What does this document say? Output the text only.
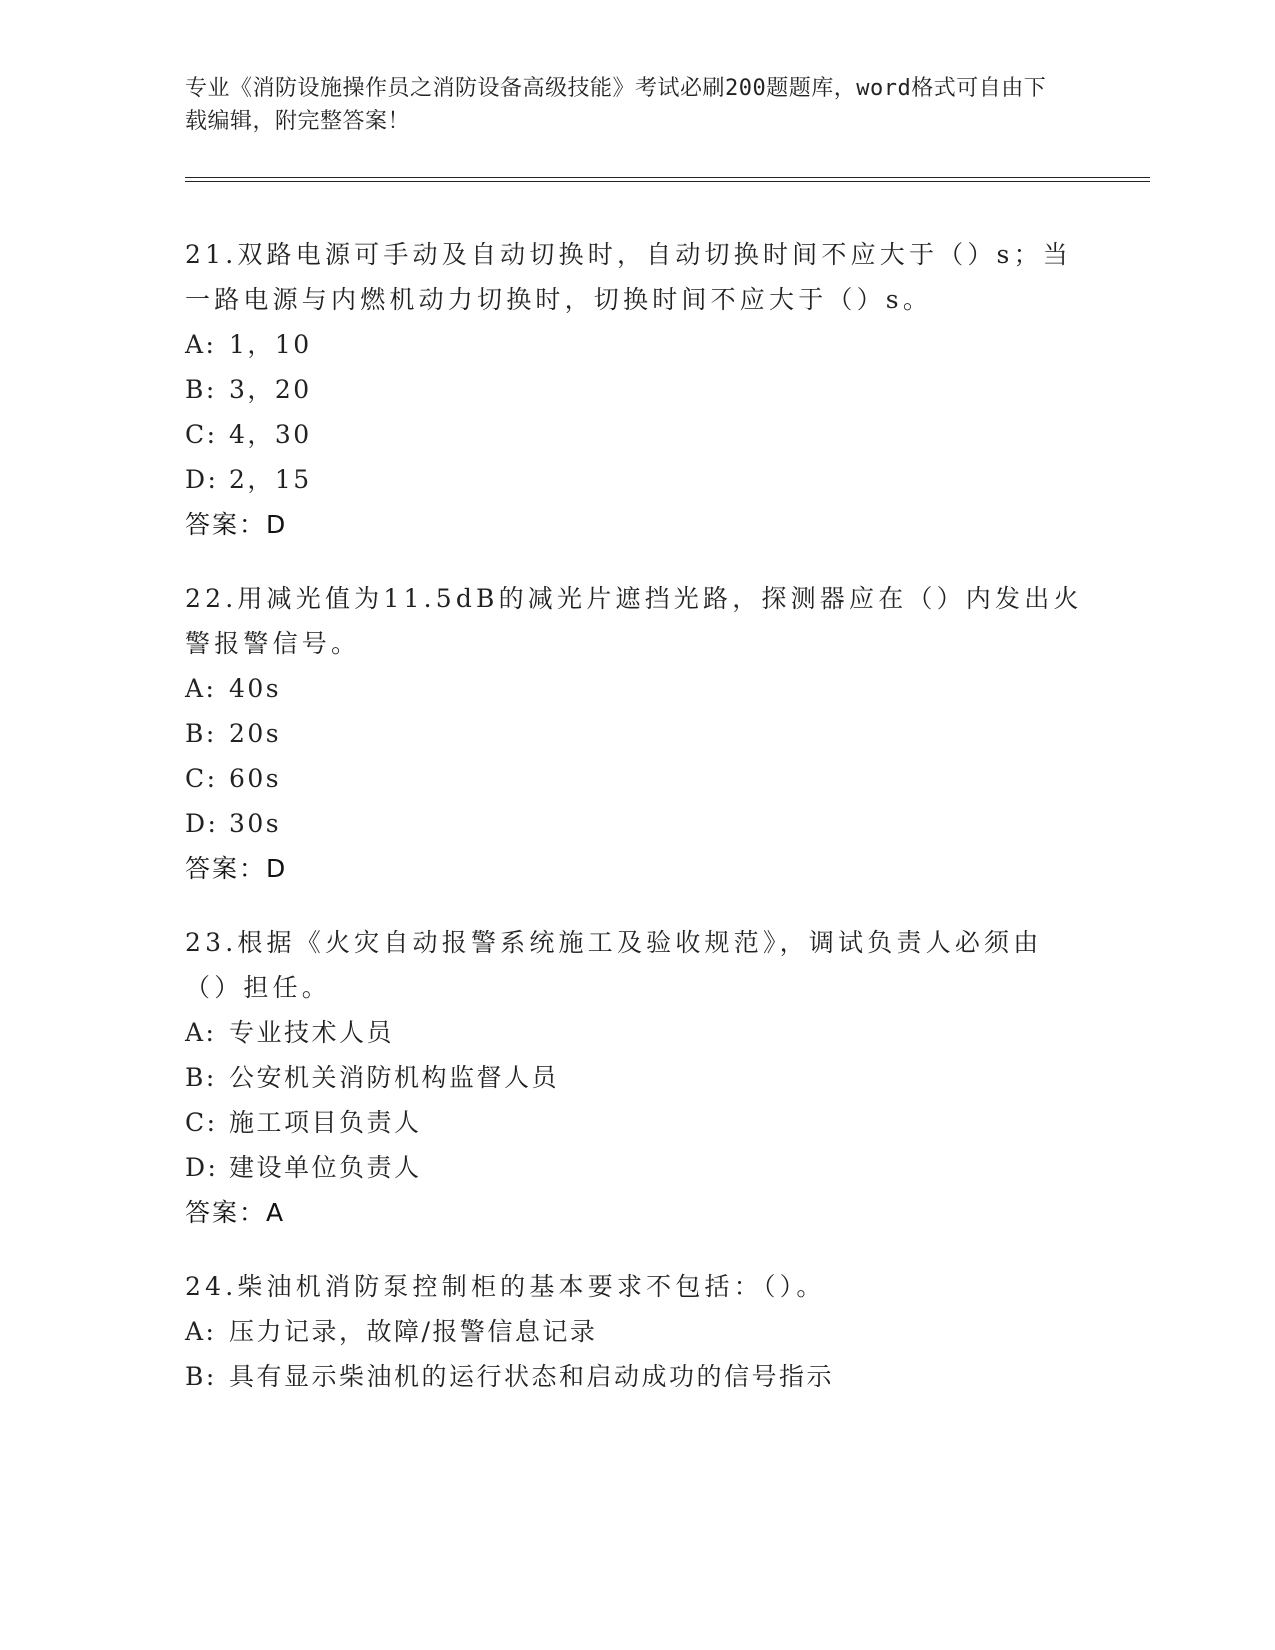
专业《消防设施操作员之消防设备高级技能》考试必刷200题题库，word格式可自由下载编辑，附完整答案！
21.双路电源可手动及自动切换时，自动切换时间不应大于（）s；当一路电源与内燃机动力切换时，切换时间不应大于（）s。
A: 1，10
B: 3，20
C: 4，30
D: 2，15
答案：D
22.用减光值为11.5dB的减光片遮挡光路，探测器应在（）内发出火警报警信号。
A: 40s
B: 20s
C: 60s
D: 30s
答案：D
23.根据《火灾自动报警系统施工及验收规范》，调试负责人必须由（）担任。
A: 专业技术人员
B: 公安机关消防机构监督人员
C: 施工项目负责人
D: 建设单位负责人
答案：A
24.柴油机消防泵控制柜的基本要求不包括：（）。
A: 压力记录，故障/报警信息记录
B: 具有显示柴油机的运行状态和启动成功的信号指示
